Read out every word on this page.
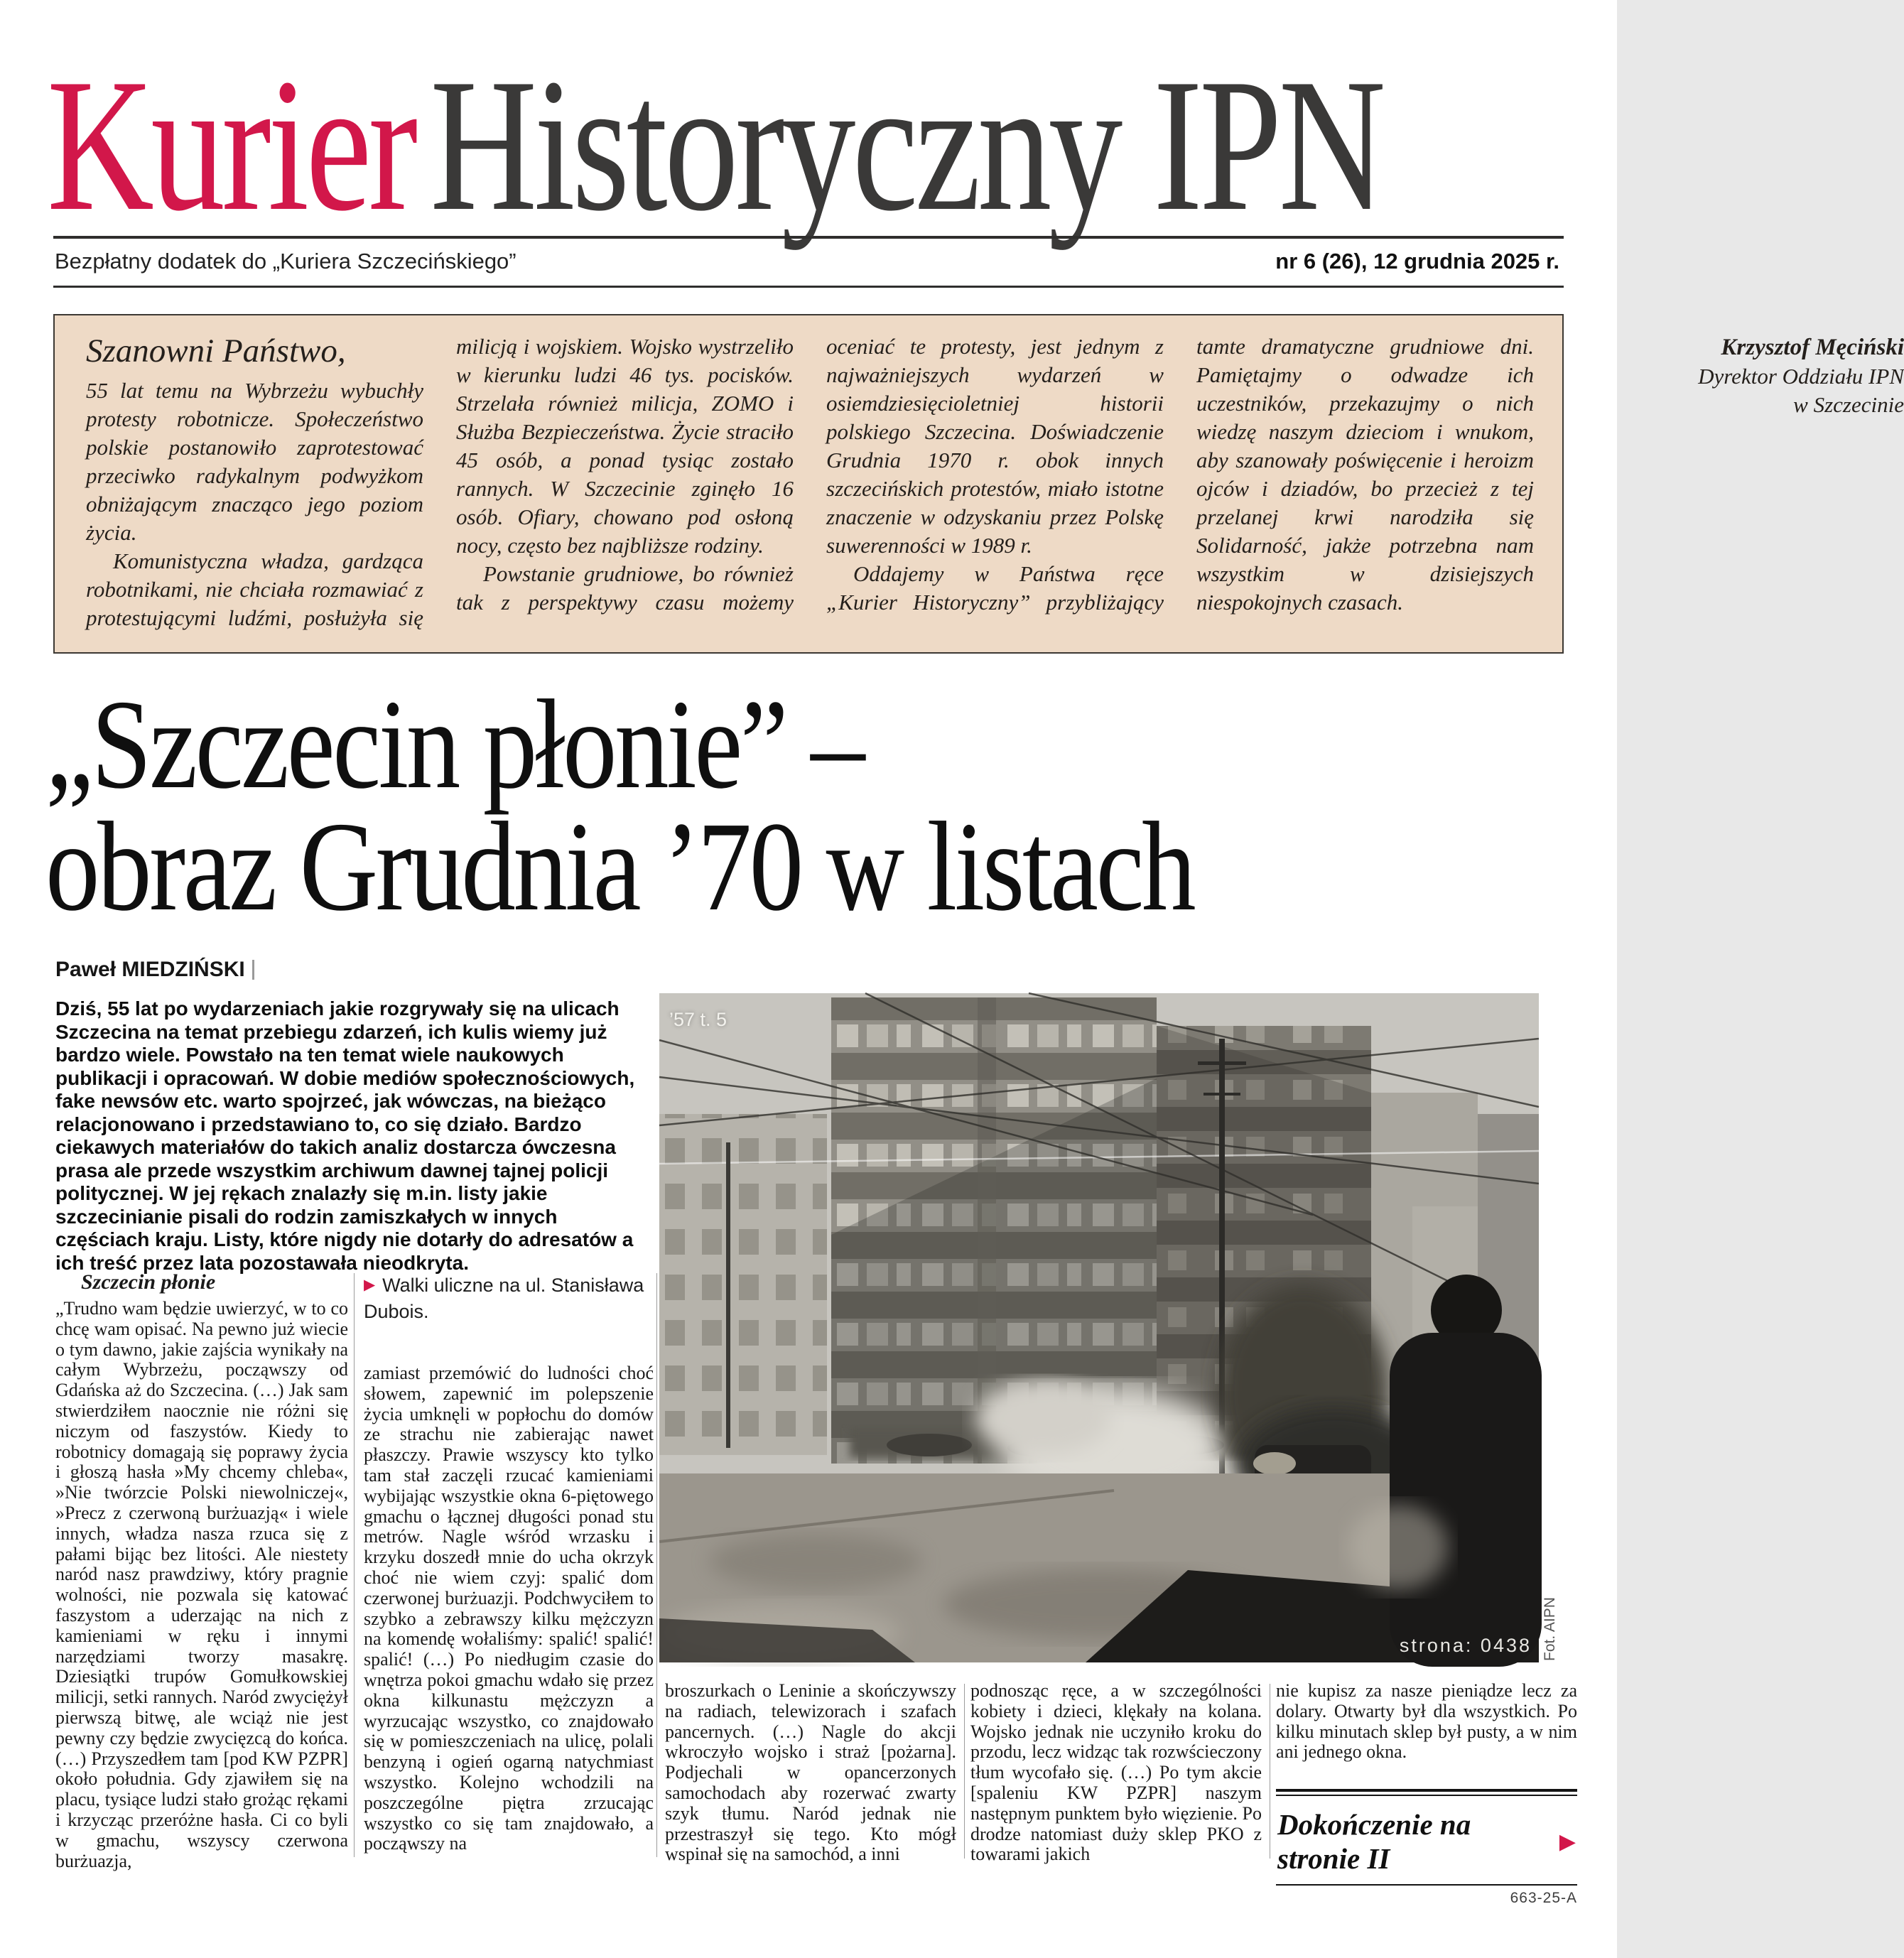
KurierHistoryczny IPN
Bezpłatny dodatek do „Kuriera Szczecińskiego”	nr 6 (26), 12 grudnia 2025 r.
Szanowni Państwo,

55 lat temu na Wybrzeżu wybuchły protesty robotnicze. Społeczeństwo polskie postanowiło zaprotestować przeciwko radykalnym podwyżkom obniżającym znacząco jego poziom życia.

Komunistyczna władza, gardząca robotnikami, nie chciała rozmawiać z protestującymi ludźmi, posłużyła się milicją i wojskiem. Wojsko wystrzeliło w kierunku ludzi 46 tys. pocisków. Strzelała również milicja, ZOMO i Służba Bezpieczeństwa. Życie straciło 45 osób, a ponad tysiąc zostało rannych. W Szczecinie zginęło 16 osób. Ofiary, chowano pod osłoną nocy, często bez najbliższe rodziny.

Powstanie grudniowe, bo również tak z perspektywy czasu możemy oceniać te protesty, jest jednym z najważniejszych wydarzeń w osiemdziesięcioletniej historii polskiego Szczecina. Doświadczenie Grudnia 1970 r. obok innych szczecińskich protestów, miało istotne znaczenie w odzyskaniu przez Polskę suwerenności w 1989 r.

Oddajemy w Państwa ręce „Kurier Historyczny” przybliżający tamte dramatyczne grudniowe dni. Pamiętajmy o odwadze ich uczestników, przekazujmy o nich wiedzę naszym dzieciom i wnukom, aby szanowały poświęcenie i heroizm ojców i dziadów, bo przecież z tej przelanej krwi narodziła się Solidarność, jakże potrzebna nam wszystkim w dzisiejszych niespokojnych czasach.

Krzysztof Męciński
Dyrektor Oddziału IPN
w Szczecinie
„Szczecin płonie” –
obraz Grudnia ’70 w listach
Paweł MIEDZIŃSKI
Dziś, 55 lat po wydarzeniach jakie rozgrywały się na ulicach Szczecina na temat przebiegu zdarzeń, ich kulis wiemy już bardzo wiele. Powstało na ten temat wiele naukowych publikacji i opracowań. W dobie mediów społecznościowych, fake newsów etc. warto spojrzeć, jak wówczas, na bieżąco relacjonowano i przedstawiano to, co się działo. Bardzo ciekawych materiałów do takich analiz dostarcza ówczesna prasa ale przede wszystkim archiwum dawnej tajnej policji politycznej. W jej rękach znalazły się m.in. listy jakie szczecinianie pisali do rodzin zamiszkałych w innych częściach kraju. Listy, które nigdy nie dotarły do adresatów a ich treść przez lata pozostawała nieodkryta.

Szczecin płonie

„Trudno wam będzie uwierzyć, w to co chcę wam opisać. Na pewno już wiecie o tym dawno, jakie zajścia wynikały na całym Wybrzeżu, począwszy od Gdańska aż do Szczecina. (…) Jak sam stwierdziłem naocznie nie różni się niczym od faszystów. Kiedy to robotnicy domagają się poprawy życia i głoszą hasła »My chcemy chleba«, »Nie twórzcie Polski niewolniczej«, »Precz z czerwoną burżuazją« i wiele innych, władza nasza rzuca się z pałami bijąc bez litości. Ale niestety naród nasz prawdziwy, który pragnie wolności, nie pozwala się katować faszystom a uderzając na nich z kamieniami w ręku i innymi narzędziami tworzy masakrę. Dziesiątki trupów Gomułkowskiej milicji, setki rannych. Naród zwyciężył pierwszą bitwę, ale wciąż nie jest pewny czy będzie zwycięzcą do końca. (…) Przyszedłem tam [pod KW PZPR] około południa. Gdy zjawiłem się na placu, tysiące ludzi stało grożąc rękami i krzycząc przeróżne hasła. Ci co byli w gmachu, wszyscy czerwona burżuazja,
▶ Walki uliczne na ul. Stanisława Dubois.
zamiast przemówić do ludności choć słowem, zapewnić im polepszenie życia umknęli w popłochu do domów ze strachu nie zabierając nawet płaszczy. Prawie wszyscy kto tylko tam stał zaczęli rzucać kamieniami wybijając wszystkie okna 6-piętowego gmachu o łącznej długości ponad stu metrów. Nagle wśród wrzasku i krzyku doszedł mnie do ucha okrzyk choć nie wiem czyj: spalić dom czerwonej burżuazji. Podchwyciłem to szybko a zebrawszy kilku mężczyzn na komendę wołaliśmy: spalić! spalić! spalić! (…) Po niedługim czasie do wnętrza pokoi gmachu wdało się przez okna kilkunastu mężczyzn a wyrzucając wszystko, co znajdowało się w pomieszczeniach na ulicę, polali benzyną i ogień ogarną natychmiast wszystko. Kolejno wchodzili na poszczególne piętra zrzucając wszystko co się tam znajdowało, a począwszy na
’57 t. 5
strona: 0438 Fot. AIPN
broszurkach o Leninie a skończywszy na radiach, telewizorach i szafach pancernych. (…) Nagle do akcji wkroczyło wojsko i straż [pożarna]. Podjechali w opancerzonych samochodach aby rozerwać zwarty szyk tłumu. Naród jednak nie przestraszył się tego. Kto mógł wspinał się na samochód, a inni
podnosząc ręce, a w szczególności kobiety i dzieci, klękały na kolana. Wojsko jednak nie uczyniło kroku do przodu, lecz widząc tak rozwścieczony tłum wycofało się. (…) Po tym akcie [spaleniu KW PZPR] naszym następnym punktem było więzienie. Po drodze natomiast duży sklep PKO z towarami jakich
nie kupisz za nasze pieniądze lecz za dolary. Otwarty był dla wszystkich. Po kilku minutach sklep był pusty, a w nim ani jednego okna.
Dokończenie na stronie II
▶
663-25-A
